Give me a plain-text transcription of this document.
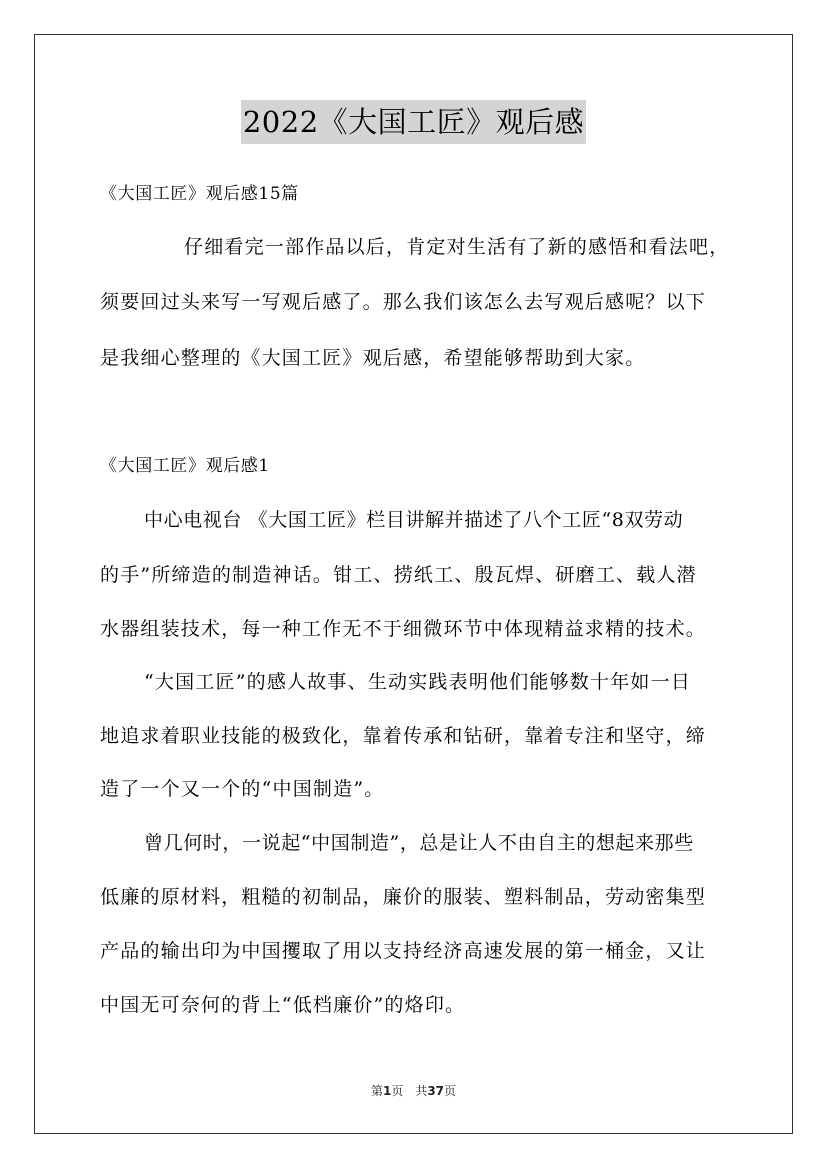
2022《大国工匠》观后感
《大国工匠》观后感15篇
仔细看完一部作品以后，肯定对生活有了新的感悟和看法吧，
须要回过头来写一写观后感了。那么我们该怎么去写观后感呢？以下
是我细心整理的《大国工匠》观后感，希望能够帮助到大家。
《大国工匠》观后感1
中心电视台 《大国工匠》栏目讲解并描述了八个工匠“8双劳动
的手”所缔造的制造神话。钳工、捞纸工、殷瓦焊、研磨工、载人潜
水器组装技术，每一种工作无不于细微环节中体现精益求精的技术。
“大国工匠”的感人故事、生动实践表明他们能够数十年如一日
地追求着职业技能的极致化，靠着传承和钻研，靠着专注和坚守，缔
造了一个又一个的“中国制造”。
曾几何时，一说起“中国制造”，总是让人不由自主的想起来那些
低廉的原材料，粗糙的初制品，廉价的服装、塑料制品，劳动密集型
产品的输出印为中国攫取了用以支持经济高速发展的第一桶金，又让
中国无可奈何的背上“低档廉价”的烙印。
第1页　共37页
